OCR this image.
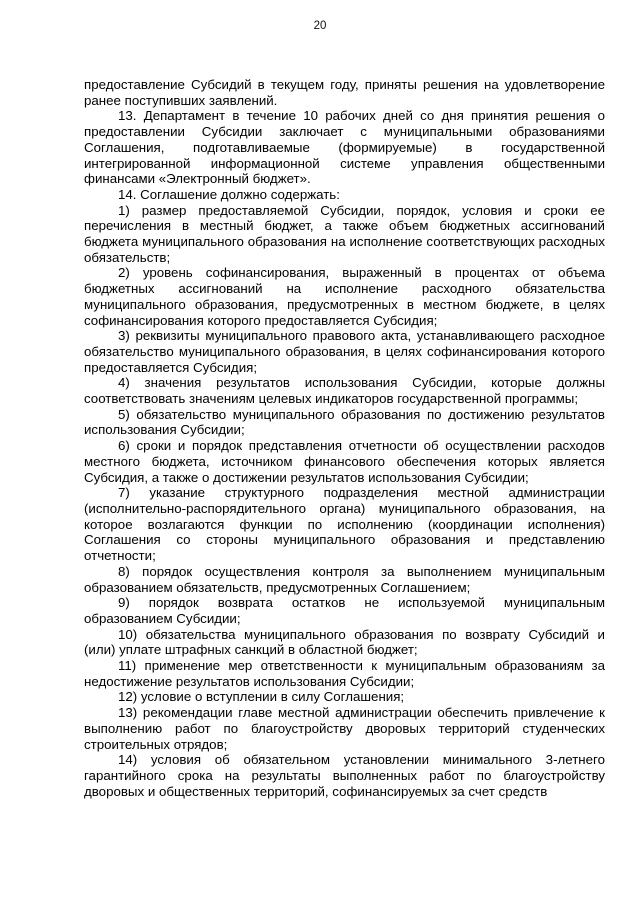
20

предоставление Субсидий в текущем году, приняты решения на удовлетворение ранее поступивших заявлений.

13. Департамент в течение 10 рабочих дней со дня принятия решения о предоставлении Субсидии заключает с муниципальными образованиями Соглашения, подготавливаемые (формируемые) в государственной интегрированной информационной системе управления общественными финансами «Электронный бюджет».

14. Соглашение должно содержать:

1) размер предоставляемой Субсидии, порядок, условия и сроки ее перечисления в местный бюджет, а также объем бюджетных ассигнований бюджета муниципального образования на исполнение соответствующих расходных обязательств;

2) уровень софинансирования, выраженный в процентах от объема бюджетных ассигнований на исполнение расходного обязательства муниципального образования, предусмотренных в местном бюджете, в целях софинансирования которого предоставляется Субсидия;

3) реквизиты муниципального правового акта, устанавливающего расходное обязательство муниципального образования, в целях софинансирования которого предоставляется Субсидия;

4) значения результатов использования Субсидии, которые должны соответствовать значениям целевых индикаторов государственной программы;

5) обязательство муниципального образования по достижению результатов использования Субсидии;

6) сроки и порядок представления отчетности об осуществлении расходов местного бюджета, источником финансового обеспечения которых является Субсидия, а также о достижении результатов использования Субсидии;

7) указание структурного подразделения местной администрации (исполнительно-распорядительного органа) муниципального образования, на которое возлагаются функции по исполнению (координации исполнения) Соглашения со стороны муниципального образования и представлению отчетности;

8) порядок осуществления контроля за выполнением муниципальным образованием обязательств, предусмотренных Соглашением;

9) порядок возврата остатков не используемой муниципальным образованием Субсидии;

10) обязательства муниципального образования по возврату Субсидий и (или) уплате штрафных санкций в областной бюджет;

11) применение мер ответственности к муниципальным образованиям за недостижение результатов использования Субсидии;

12) условие о вступлении в силу Соглашения;

13) рекомендации главе местной администрации обеспечить привлечение к выполнению работ по благоустройству дворовых территорий студенческих строительных отрядов;

14) условия об обязательном установлении минимального 3-летнего гарантийного срока на результаты выполненных работ по благоустройству дворовых и общественных территорий, софинансируемых за счет средств
